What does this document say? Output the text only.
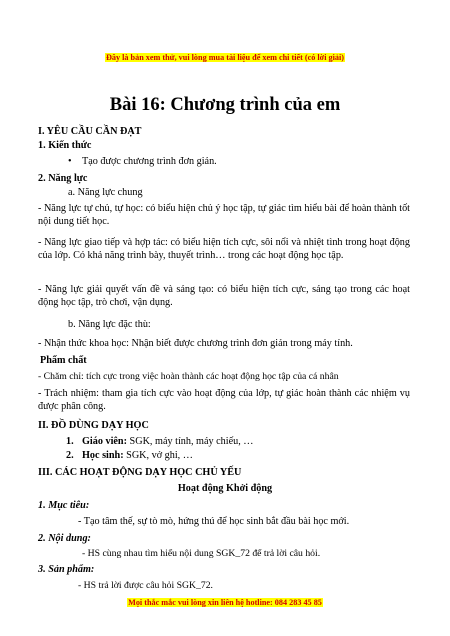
Đây là bản xem thử, vui lòng mua tài liệu để xem chi tiết (có lời giải)
Bài 16: Chương trình của em
I. YÊU CẦU CẦN ĐẠT
1. Kiến thức
• Tạo được chương trình đơn giản.
2. Năng lực
a. Năng lực chung
- Năng lực tự chủ, tự học: có biểu hiện chủ ý học tập, tự giác tìm hiểu bài để hoàn thành tốt nội dung tiết học.
- Năng lực giao tiếp và hợp tác: có biểu hiện tích cực, sôi nổi và nhiệt tình trong hoạt động của lớp. Có khả năng trình bày, thuyết trình… trong các hoạt động học tập.
- Năng lực giải quyết vấn đề và sáng tạo: có biểu hiện tích cực, sáng tạo trong các hoạt động học tập, trò chơi, vận dụng.
b. Năng lực đặc thù:
- Nhận thức khoa học: Nhận biết được chương trình đơn giản trong máy tính.
Phẩm chất
- Chăm chỉ: tích cực trong việc hoàn thành các hoạt động học tập của cá nhân
- Trách nhiệm: tham gia tích cực vào hoạt động của lớp, tự giác hoàn thành các nhiệm vụ được phân công.
II. ĐỒ DÙNG DẠY HỌC
1. Giáo viên: SGK, máy tính, máy chiếu, …
2. Học sinh: SGK, vở ghi, …
III. CÁC HOẠT ĐỘNG DẠY HỌC CHỦ YẾU
Hoạt động Khởi động
1. Mục tiêu:
- Tạo tâm thế, sự tò mò, hứng thú để học sinh bắt đầu bài học mới.
2. Nội dung:
- HS cùng nhau tìm hiểu nội dung SGK_72 để trả lời câu hỏi.
3. Sản phẩm:
- HS trả lời được câu hỏi SGK_72.
Mọi thắc mắc vui lòng xin liên hệ hotline: 084 283 45 85
